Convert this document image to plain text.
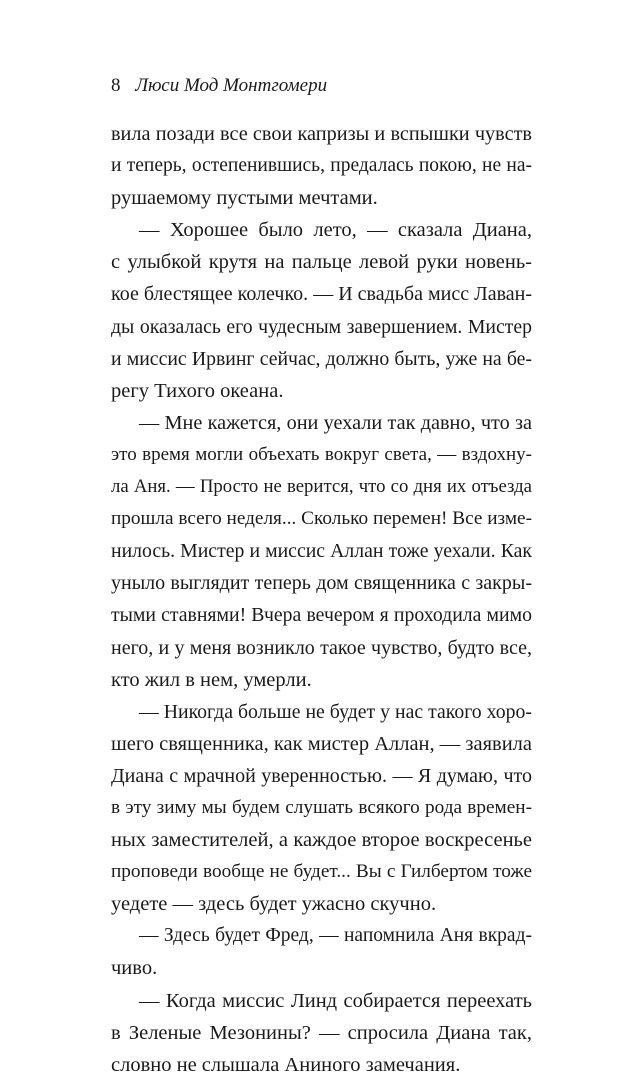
8 Люси Мод Монтгомери
вила позади все свои капризы и вспышки чувств
и теперь, остепенившись, предалась покою, не на-
рушаемому пустыми мечтами.
— Хорошее было лето, — сказала Диана,
с улыбкой крутя на пальце левой руки новень-
кое блестящее колечко. — И свадьба мисс Лаван-
ды оказалась его чудесным завершением. Мистер
и миссис Ирвинг сейчас, должно быть, уже на бе-
регу Тихого океана.
— Мне кажется, они уехали так давно, что за
это время могли объехать вокруг света, — вздохну-
ла Аня. — Просто не верится, что со дня их отъезда
прошла всего неделя... Сколько перемен! Все изме-
нилось. Мистер и миссис Аллан тоже уехали. Как
уныло выглядит теперь дом священника с закры-
тыми ставнями! Вчера вечером я проходила мимо
него, и у меня возникло такое чувство, будто все,
кто жил в нем, умерли.
— Никогда больше не будет у нас такого хоро-
шего священника, как мистер Аллан, — заявила
Диана с мрачной уверенностью. — Я думаю, что
в эту зиму мы будем слушать всякого рода времен-
ных заместителей, а каждое второе воскресенье
проповеди вообще не будет... Вы с Гилбертом тоже
уедете — здесь будет ужасно скучно.
— Здесь будет Фред, — напомнила Аня вкрад-
чиво.
— Когда миссис Линд собирается переехать
в Зеленые Мезонины? — спросила Диана так,
словно не слышала Аниного замечания.
